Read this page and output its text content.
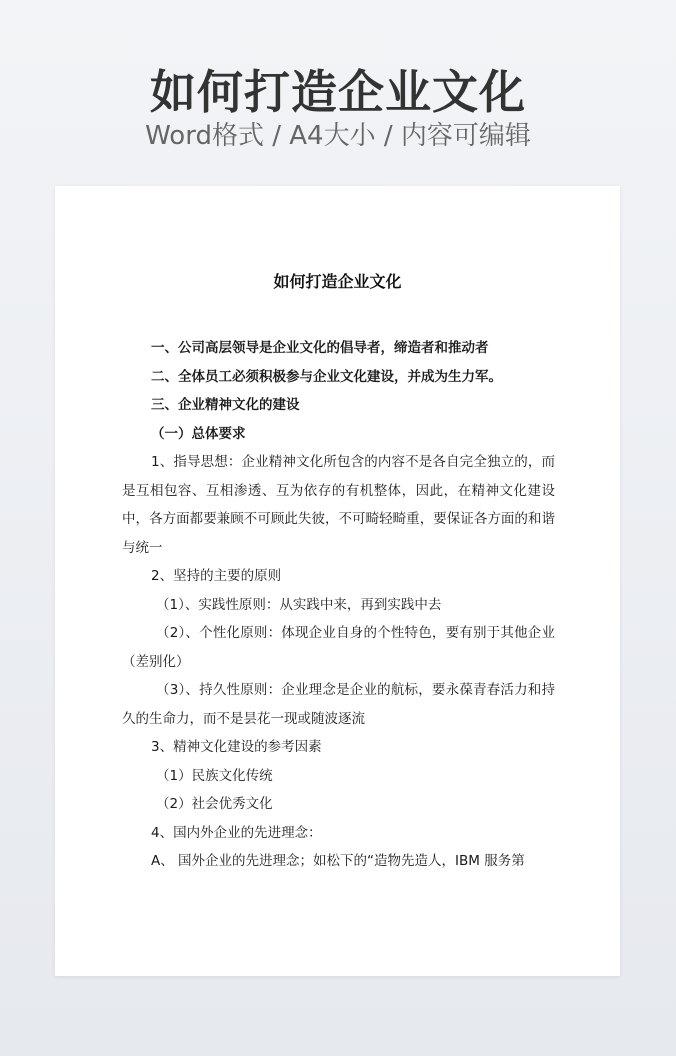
如何打造企业文化
Word格式 / A4大小 / 内容可编辑
如何打造企业文化

一、公司高层领导是企业文化的倡导者，缔造者和推动者

二、全体员工必须积极参与企业文化建设，并成为生力军。

三、企业精神文化的建设

（一）总体要求

1、指导思想：企业精神文化所包含的内容不是各自完全独立的，而是互相包容、互相渗透、互为依存的有机整体，因此，在精神文化建设中，各方面都要兼顾不可顾此失彼，不可畸轻畸重，要保证各方面的和谐与统一

2、坚持的主要的原则

（1）、实践性原则：从实践中来，再到实践中去

（2）、个性化原则：体现企业自身的个性特色，要有别于其他企业（差别化）

（3）、持久性原则：企业理念是企业的航标，要永葆青春活力和持久的生命力，而不是昙花一现或随波逐流

3、精神文化建设的参考因素

（1）民族文化传统

（2）社会优秀文化

4、国内外企业的先进理念：

A、 国外企业的先进理念；如松下的“造物先造人，IBM 服务第
